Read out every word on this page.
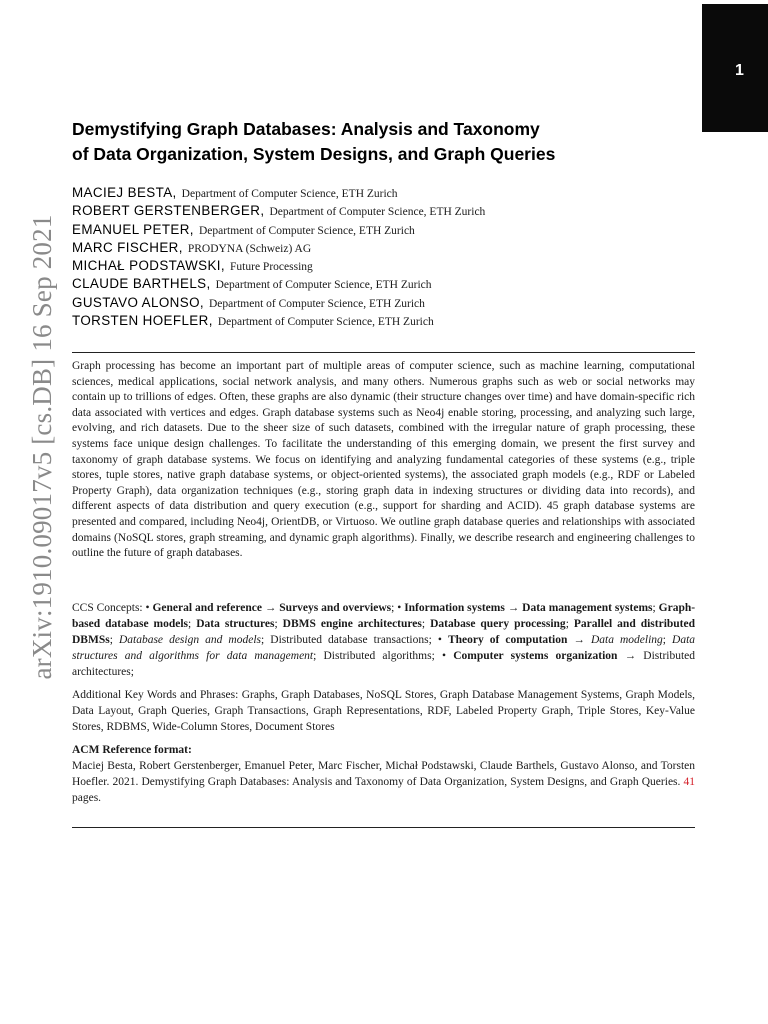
1
arXiv:1910.09017v5 [cs.DB] 16 Sep 2021
Demystifying Graph Databases: Analysis and Taxonomy
of Data Organization, System Designs, and Graph Queries
MACIEJ BESTA, Department of Computer Science, ETH Zurich
ROBERT GERSTENBERGER, Department of Computer Science, ETH Zurich
EMANUEL PETER, Department of Computer Science, ETH Zurich
MARC FISCHER, PRODYNA (Schweiz) AG
MICHAŁ PODSTAWSKI, Future Processing
CLAUDE BARTHELS, Department of Computer Science, ETH Zurich
GUSTAVO ALONSO, Department of Computer Science, ETH Zurich
TORSTEN HOEFLER, Department of Computer Science, ETH Zurich
Graph processing has become an important part of multiple areas of computer science, such as machine learning, computational sciences, medical applications, social network analysis, and many others. Numerous graphs such as web or social networks may contain up to trillions of edges. Often, these graphs are also dynamic (their structure changes over time) and have domain-specific rich data associated with vertices and edges. Graph database systems such as Neo4j enable storing, processing, and analyzing such large, evolving, and rich datasets. Due to the sheer size of such datasets, combined with the irregular nature of graph processing, these systems face unique design challenges. To facilitate the understanding of this emerging domain, we present the first survey and taxonomy of graph database systems. We focus on identifying and analyzing fundamental categories of these systems (e.g., triple stores, tuple stores, native graph database systems, or object-oriented systems), the associated graph models (e.g., RDF or Labeled Property Graph), data organization techniques (e.g., storing graph data in indexing structures or dividing data into records), and different aspects of data distribution and query execution (e.g., support for sharding and ACID). 45 graph database systems are presented and compared, including Neo4j, OrientDB, or Virtuoso. We outline graph database queries and relationships with associated domains (NoSQL stores, graph streaming, and dynamic graph algorithms). Finally, we describe research and engineering challenges to outline the future of graph databases.
CCS Concepts: • General and reference → Surveys and overviews; • Information systems → Data management systems; Graph-based database models; Data structures; DBMS engine architectures; Database query processing; Parallel and distributed DBMSs; Database design and models; Distributed database transactions; • Theory of computation → Data modeling; Data structures and algorithms for data management; Distributed algorithms; • Computer systems organization → Distributed architectures;
Additional Key Words and Phrases: Graphs, Graph Databases, NoSQL Stores, Graph Database Management Systems, Graph Models, Data Layout, Graph Queries, Graph Transactions, Graph Representations, RDF, Labeled Property Graph, Triple Stores, Key-Value Stores, RDBMS, Wide-Column Stores, Document Stores
ACM Reference format:
Maciej Besta, Robert Gerstenberger, Emanuel Peter, Marc Fischer, Michał Podstawski, Claude Barthels, Gustavo Alonso, and Torsten Hoefler. 2021. Demystifying Graph Databases: Analysis and Taxonomy of Data Organization, System Designs, and Graph Queries. 41 pages.
